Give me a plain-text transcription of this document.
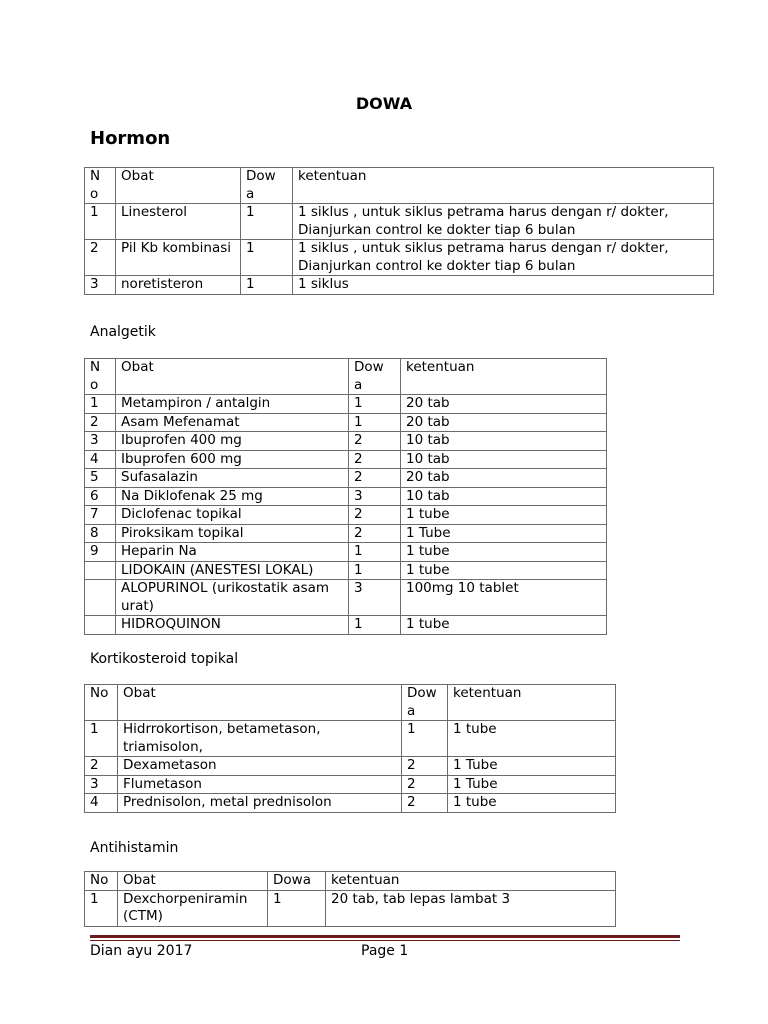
DOWA
Hormon
N o	Obat	Dow a	ketentuan
1	Linesterol	1	1 siklus , untuk siklus petrama harus dengan r/ dokter, Dianjurkan control ke dokter tiap 6 bulan
2	Pil Kb kombinasi	1	1 siklus , untuk siklus petrama harus dengan r/ dokter, Dianjurkan control ke dokter tiap 6 bulan
3	noretisteron	1	1 siklus
Analgetik
N o	Obat	Dow a	ketentuan
1	Metampiron / antalgin	1	20 tab
2	Asam Mefenamat	1	20 tab
3	Ibuprofen 400 mg	2	10 tab
4	Ibuprofen 600 mg	2	10 tab
5	Sufasalazin	2	20 tab
6	Na Diklofenak 25 mg	3	10 tab
7	Diclofenac topikal	2	1 tube
8	Piroksikam topikal	2	1 Tube
9	Heparin Na	1	1 tube
	LIDOKAIN (ANESTESI LOKAL)	1	1 tube
	ALOPURINOL (urikostatik asam urat)	3	100mg 10 tablet
	HIDROQUINON	1	1 tube
Kortikosteroid topikal
No	Obat	Dow a	ketentuan
1	Hidrrokortison, betametason, triamisolon,	1	1 tube
2	Dexametason	2	1 Tube
3	Flumetason	2	1 Tube
4	Prednisolon, metal prednisolon	2	1 tube
Antihistamin
No	Obat	Dowa	ketentuan
1	Dexchorpeniramin (CTM)	1	20 tab, tab lepas lambat 3
Dian ayu 2017	Page 1
